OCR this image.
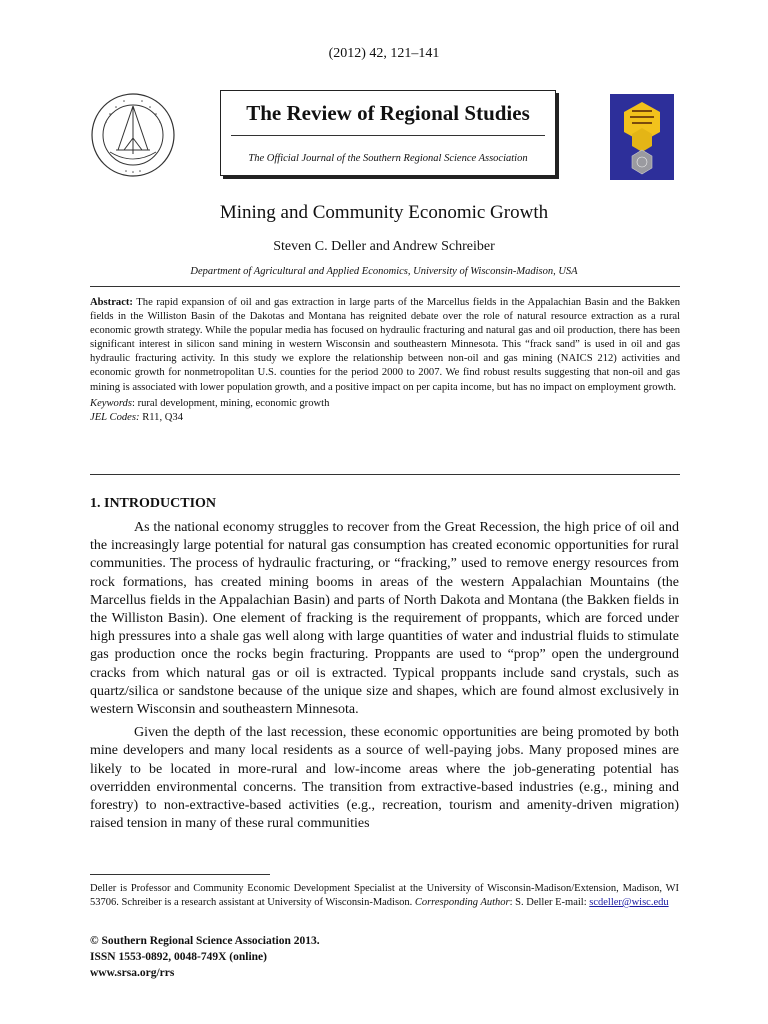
(2012) 42, 121–141
The Review of Regional Studies
The Official Journal of the Southern Regional Science Association
Mining and Community Economic Growth
Steven C. Deller and Andrew Schreiber
Department of Agricultural and Applied Economics, University of Wisconsin-Madison, USA

Abstract: The rapid expansion of oil and gas extraction in large parts of the Marcellus fields in the Appalachian Basin and the Bakken fields in the Williston Basin of the Dakotas and Montana has reignited debate over the role of natural resource extraction as a rural economic growth strategy. While the popular media has focused on hydraulic fracturing and natural gas and oil production, there has been significant interest in silicon sand mining in western Wisconsin and southeastern Minnesota. This “frack sand” is used in oil and gas hydraulic fracturing activity. In this study we explore the relationship between non-oil and gas mining (NAICS 212) activities and economic growth for nonmetropolitan U.S. counties for the period 2000 to 2007. We find robust results suggesting that non-oil and gas mining is associated with lower population growth, and a positive impact on per capita income, but has no impact on employment growth.

Keywords: rural development, mining, economic growth

JEL Codes: R11, Q34

1. INTRODUCTION

As the national economy struggles to recover from the Great Recession, the high price of oil and the increasingly large potential for natural gas consumption has created economic opportunities for rural communities. The process of hydraulic fracturing, or “fracking,” used to remove energy resources from rock formations, has created mining booms in areas of the western Appalachian Mountains (the Marcellus fields in the Appalachian Basin) and parts of North Dakota and Montana (the Bakken fields in the Williston Basin). One element of fracking is the requirement of proppants, which are forced under high pressures into a shale gas well along with large quantities of water and industrial fluids to stimulate gas production once the rocks begin fracturing. Proppants are used to “prop” open the underground cracks from which natural gas or oil is extracted. Typical proppants include sand crystals, such as quartz/silica or sandstone because of the unique size and shapes, which are found almost exclusively in western Wisconsin and southeastern Minnesota.

Given the depth of the last recession, these economic opportunities are being promoted by both mine developers and many local residents as a source of well-paying jobs. Many proposed mines are likely to be located in more-rural and low-income areas where the job-generating potential has overridden environmental concerns. The transition from extractive-based industries (e.g., mining and forestry) to non-extractive-based activities (e.g., recreation, tourism and amenity-driven migration) raised tension in many of these rural communities

Deller is Professor and Community Economic Development Specialist at the University of Wisconsin-Madison/Extension, Madison, WI 53706. Schreiber is a research assistant at University of Wisconsin-Madison. Corresponding Author: S. Deller E-mail: scdeller@wisc.edu
© Southern Regional Science Association 2013.
ISSN 1553-0892, 0048-749X (online)
www.srsa.org/rrs
